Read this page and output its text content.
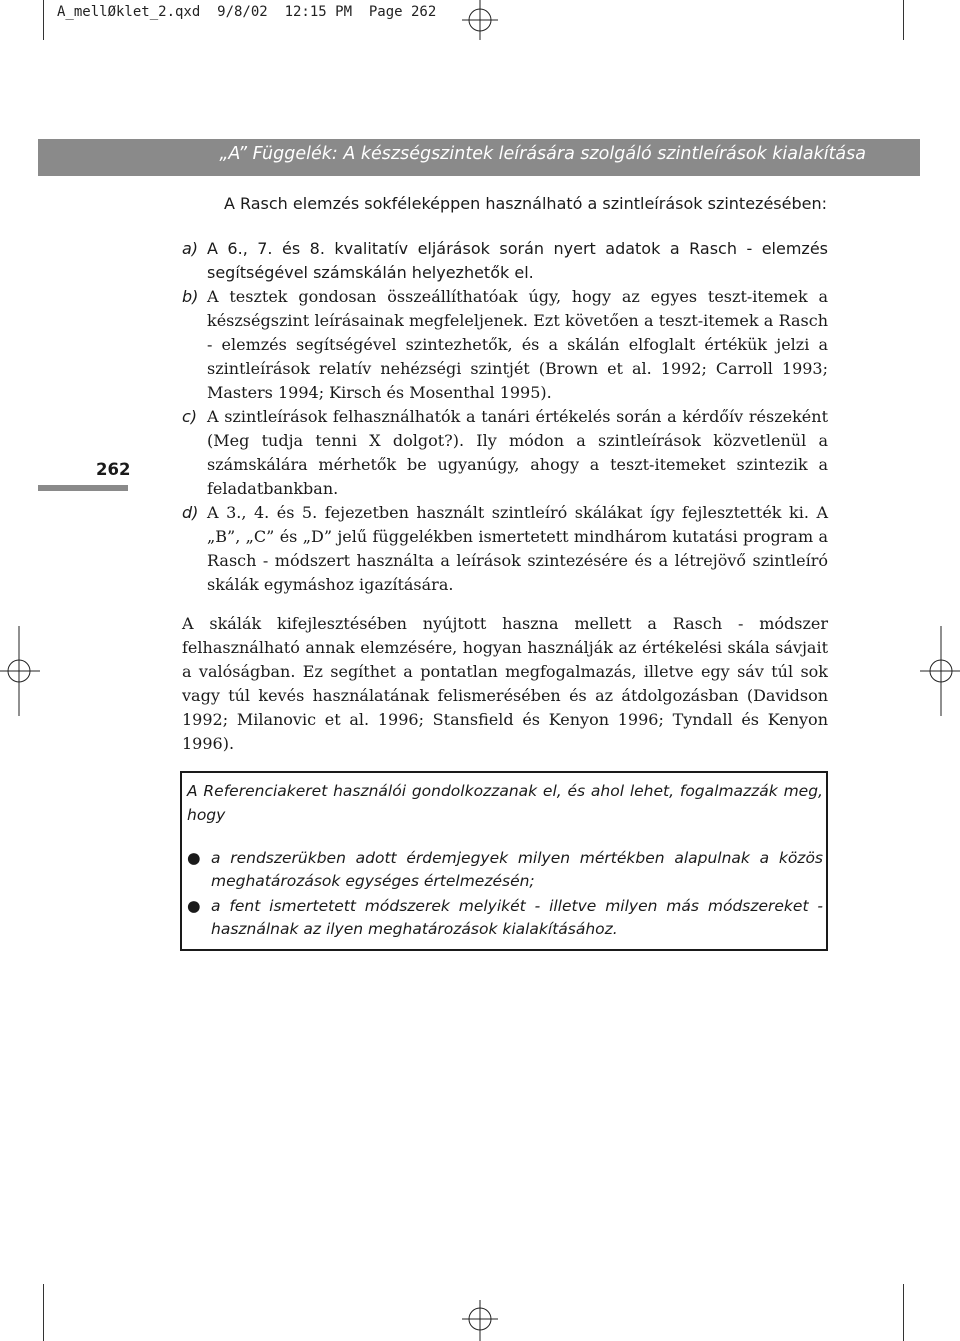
A_mellØklet_2.qxd  9/8/02  12:15 PM  Page 262
„A” Függelék: A készségszintek leírására szolgáló szintleírások kialakítása
A Rasch elemzés sokféleképpen használható a szintleírások szintezésében:
262
a) A 6., 7. és 8. kvalitatív eljárások során nyert adatok a Rasch - elemzés segítségével számskálán helyezhetők el.
b) A tesztek gondosan összeállíthatóak úgy, hogy az egyes teszt-itemek a készségszint leírásainak megfeleljenek. Ezt követően a teszt-itemek a Rasch - elemzés segítségével szintezhetők, és a skálán elfoglalt értékük jelzi a szintleírások relatív nehézségi szintjét (Brown et al. 1992; Carroll 1993; Masters 1994; Kirsch és Mosenthal 1995).
c) A szintleírások felhasználhatók a tanári értékelés során a kérdőív részeként (Meg tudja tenni X dolgot?). Ily módon a szintleírások közvetlenül a számskálára mérhetők be ugyanúgy, ahogy a teszt-itemeket szintezik a feladatbankban.
d) A 3., 4. és 5. fejezetben használt szintleíró skálákat így fejlesztették ki. A „B”, „C” és „D” jelű függelékben ismertetett mindhárom kutatási program a Rasch - módszert használta a leírások szintezésére és a létrejövő szintleíró skálák egymáshoz igazítására.
A skálák kifejlesztésében nyújtott haszna mellett a Rasch - módszer felhasználható annak elemzésére, hogyan használják az értékelési skála sávjait a valóságban. Ez segíthet a pontatlan megfogalmazás, illetve egy sáv túl sok vagy túl kevés használatának felismerésében és az átdolgozásban (Davidson 1992; Milanovic et al. 1996; Stansfield és Kenyon 1996; Tyndall és Kenyon 1996).
A Referenciakeret használói gondolkozzanak el, és ahol lehet, fogalmazzák meg, hogy
● a rendszerükben adott érdemjegyek milyen mértékben alapulnak a közös meghatározások egységes értelmezésén;
● a fent ismertetett módszerek melyikét - illetve milyen más módszereket - használnak az ilyen meghatározások kialakításához.
